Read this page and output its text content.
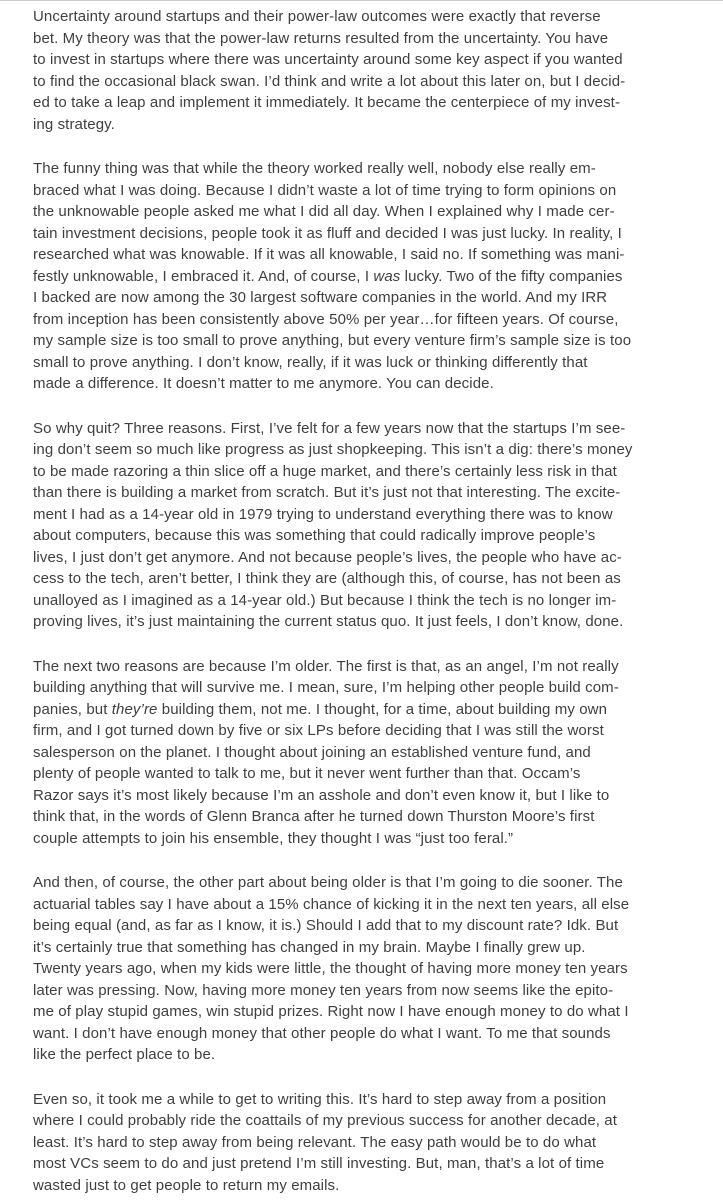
Uncertainty around startups and their power-law outcomes were exactly that reverse
bet. My theory was that the power-law returns resulted from the uncertainty. You have
to invest in startups where there was uncertainty around some key aspect if you wanted
to find the occasional black swan. I’d think and write a lot about this later on, but I decid-
ed to take a leap and implement it immediately. It became the centerpiece of my invest-
ing strategy.
The funny thing was that while the theory worked really well, nobody else really em-
braced what I was doing. Because I didn’t waste a lot of time trying to form opinions on
the unknowable people asked me what I did all day. When I explained why I made cer-
tain investment decisions, people took it as fluff and decided I was just lucky. In reality, I
researched what was knowable. If it was all knowable, I said no. If something was mani-
festly unknowable, I embraced it. And, of course, I was lucky. Two of the fifty companies
I backed are now among the 30 largest software companies in the world. And my IRR
from inception has been consistently above 50% per year…for fifteen years. Of course,
my sample size is too small to prove anything, but every venture firm’s sample size is too
small to prove anything. I don’t know, really, if it was luck or thinking differently that
made a difference. It doesn’t matter to me anymore. You can decide.
So why quit? Three reasons. First, I’ve felt for a few years now that the startups I’m see-
ing don’t seem so much like progress as just shopkeeping. This isn’t a dig: there’s money
to be made razoring a thin slice off a huge market, and there’s certainly less risk in that
than there is building a market from scratch. But it’s just not that interesting. The excite-
ment I had as a 14-year old in 1979 trying to understand everything there was to know
about computers, because this was something that could radically improve people’s
lives, I just don’t get anymore. And not because people’s lives, the people who have ac-
cess to the tech, aren’t better, I think they are (although this, of course, has not been as
unalloyed as I imagined as a 14-year old.) But because I think the tech is no longer im-
proving lives, it’s just maintaining the current status quo. It just feels, I don’t know, done.
The next two reasons are because I’m older. The first is that, as an angel, I’m not really
building anything that will survive me. I mean, sure, I’m helping other people build com-
panies, but they’re building them, not me. I thought, for a time, about building my own
firm, and I got turned down by five or six LPs before deciding that I was still the worst
salesperson on the planet. I thought about joining an established venture fund, and
plenty of people wanted to talk to me, but it never went further than that. Occam’s
Razor says it’s most likely because I’m an asshole and don’t even know it, but I like to
think that, in the words of Glenn Branca after he turned down Thurston Moore’s first
couple attempts to join his ensemble, they thought I was “just too feral.”
And then, of course, the other part about being older is that I’m going to die sooner. The
actuarial tables say I have about a 15% chance of kicking it in the next ten years, all else
being equal (and, as far as I know, it is.) Should I add that to my discount rate? Idk. But
it’s certainly true that something has changed in my brain. Maybe I finally grew up.
Twenty years ago, when my kids were little, the thought of having more money ten years
later was pressing. Now, having more money ten years from now seems like the epito-
me of play stupid games, win stupid prizes. Right now I have enough money to do what I
want. I don’t have enough money that other people do what I want. To me that sounds
like the perfect place to be.
Even so, it took me a while to get to writing this. It’s hard to step away from a position
where I could probably ride the coattails of my previous success for another decade, at
least. It’s hard to step away from being relevant. The easy path would be to do what
most VCs seem to do and just pretend I’m still investing. But, man, that’s a lot of time
wasted just to get people to return my emails.
